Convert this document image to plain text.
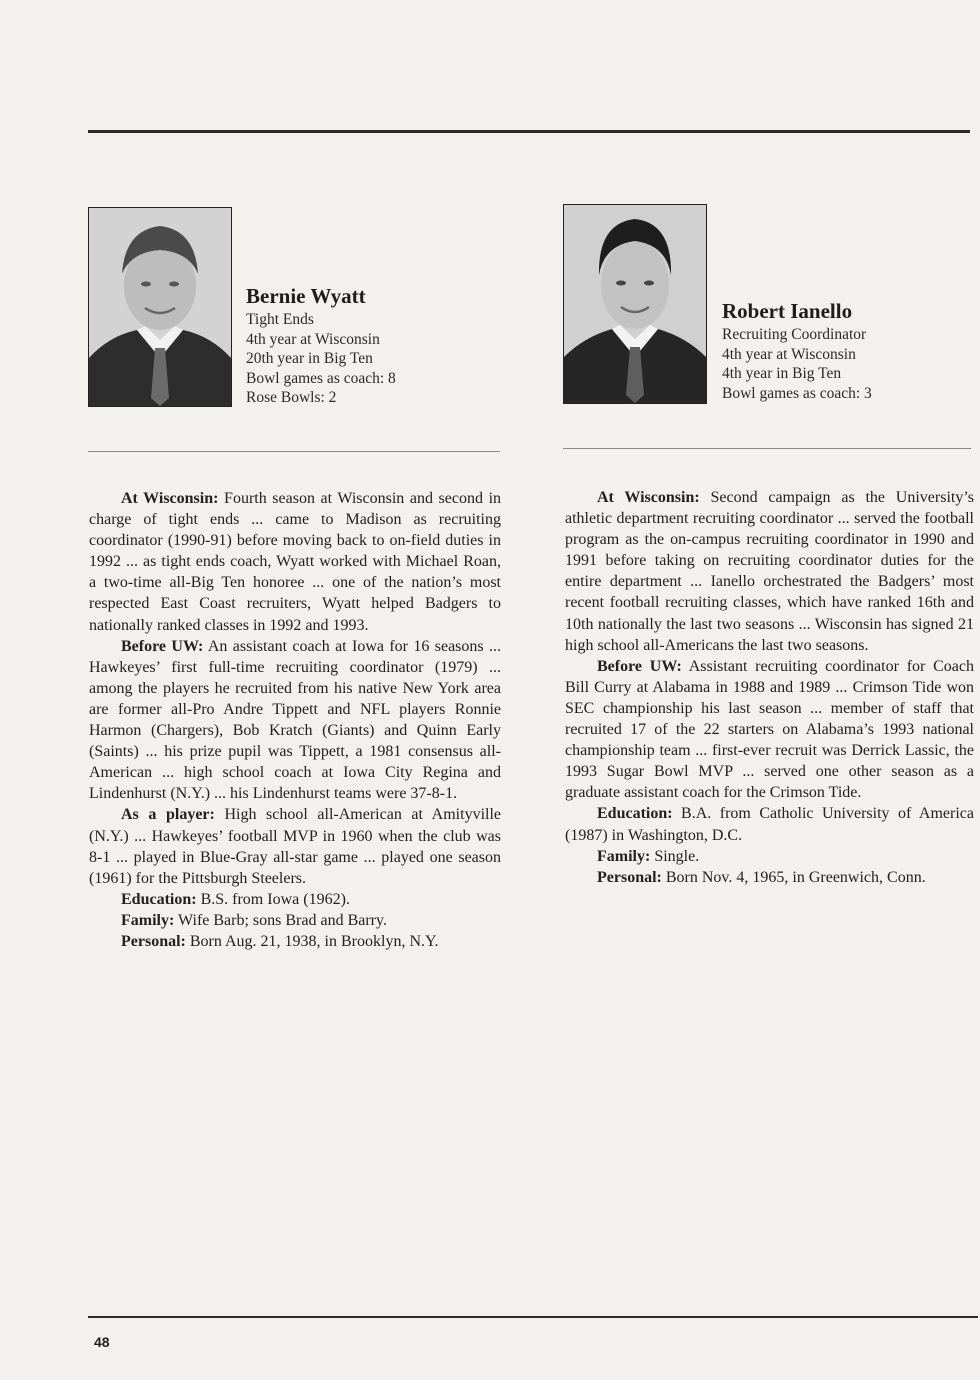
Bernie Wyatt
Tight Ends
4th year at Wisconsin
20th year in Big Ten
Bowl games as coach: 8
Rose Bowls: 2

At Wisconsin: Fourth season at Wisconsin and second in charge of tight ends ... came to Madison as recruiting coordinator (1990-91) before moving back to on-field duties in 1992 ... as tight ends coach, Wyatt worked with Michael Roan, a two-time all-Big Ten honoree ... one of the nation’s most respected East Coast recruiters, Wyatt helped Badgers to nationally ranked classes in 1992 and 1993.

Before UW: An assistant coach at Iowa for 16 seasons ... Hawkeyes’ first full-time recruiting coordinator (1979) ... among the players he recruited from his native New York area are former all-Pro Andre Tippett and NFL players Ronnie Harmon (Chargers), Bob Kratch (Giants) and Quinn Early (Saints) ... his prize pupil was Tippett, a 1981 consensus all-American ... high school coach at Iowa City Regina and Lindenhurst (N.Y.) ... his Lindenhurst teams were 37-8-1.

As a player: High school all-American at Amityville (N.Y.) ... Hawkeyes’ football MVP in 1960 when the club was 8-1 ... played in Blue-Gray all-star game ... played one season (1961) for the Pittsburgh Steelers.

Education: B.S. from Iowa (1962).

Family: Wife Barb; sons Brad and Barry.

Personal: Born Aug. 21, 1938, in Brooklyn, N.Y.

Robert Ianello
Recruiting Coordinator
4th year at Wisconsin
4th year in Big Ten
Bowl games as coach: 3

At Wisconsin: Second campaign as the University’s athletic department recruiting coordinator ... served the football program as the on-campus recruiting coordinator in 1990 and 1991 before taking on recruiting coordinator duties for the entire department ... Ianello orchestrated the Badgers’ most recent football recruiting classes, which have ranked 16th and 10th nationally the last two seasons ... Wisconsin has signed 21 high school all-Americans the last two seasons.

Before UW: Assistant recruiting coordinator for Coach Bill Curry at Alabama in 1988 and 1989 ... Crimson Tide won SEC championship his last season ... member of staff that recruited 17 of the 22 starters on Alabama’s 1993 national championship team ... first-ever recruit was Derrick Lassic, the 1993 Sugar Bowl MVP ... served one other season as a graduate assistant coach for the Crimson Tide.

Education: B.A. from Catholic University of America (1987) in Washington, D.C.

Family: Single.

Personal: Born Nov. 4, 1965, in Greenwich, Conn.

48
